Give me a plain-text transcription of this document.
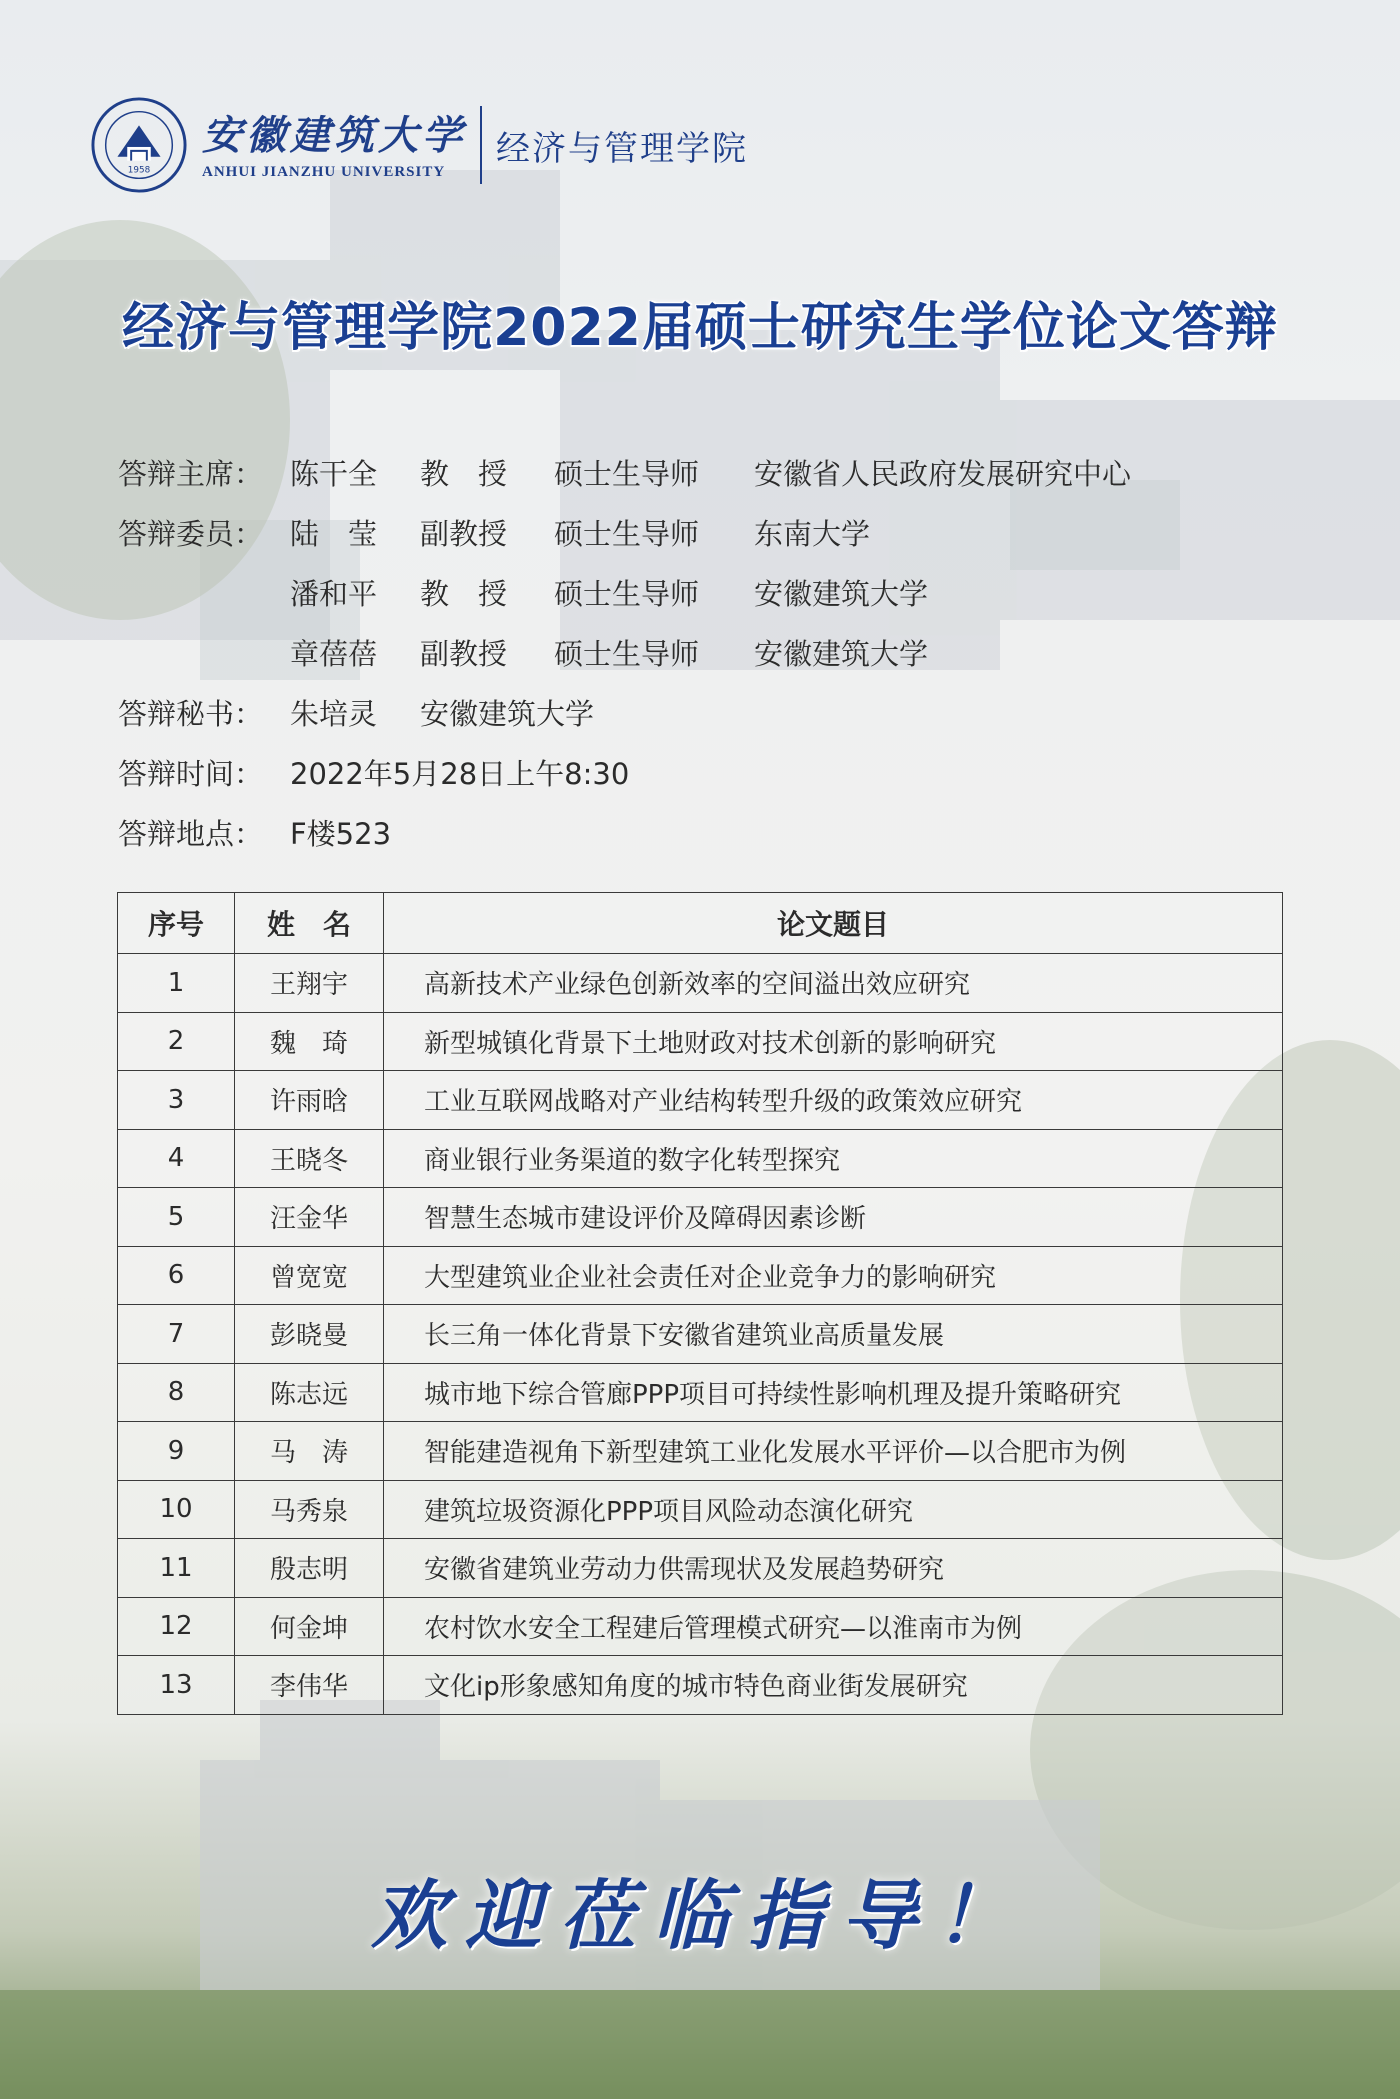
1958
安徽建筑大学
ANHUI JIANZHU UNIVERSITY
经济与管理学院
经济与管理学院2022届硕士研究生学位论文答辩
答辩主席： 陈干全	教　授	硕士生导师	安徽省人民政府发展研究中心
答辩委员： 陆　莹	副教授	硕士生导师	东南大学
潘和平	教　授	硕士生导师	安徽建筑大学
章蓓蓓	副教授	硕士生导师	安徽建筑大学
答辩秘书： 朱培灵	安徽建筑大学
答辩时间： 2022年5月28日上午8:30
答辩地点： F楼523
序号	姓　名	论文题目
1	王翔宇	高新技术产业绿色创新效率的空间溢出效应研究
2	魏　琦	新型城镇化背景下土地财政对技术创新的影响研究
3	许雨晗	工业互联网战略对产业结构转型升级的政策效应研究
4	王晓冬	商业银行业务渠道的数字化转型探究
5	汪金华	智慧生态城市建设评价及障碍因素诊断
6	曾宽宽	大型建筑业企业社会责任对企业竞争力的影响研究
7	彭晓曼	长三角一体化背景下安徽省建筑业高质量发展
8	陈志远	城市地下综合管廊PPP项目可持续性影响机理及提升策略研究
9	马　涛	智能建造视角下新型建筑工业化发展水平评价—以合肥市为例
10	马秀泉	建筑垃圾资源化PPP项目风险动态演化研究
11	殷志明	安徽省建筑业劳动力供需现状及发展趋势研究
12	何金坤	农村饮水安全工程建后管理模式研究—以淮南市为例
13	李伟华	文化ip形象感知角度的城市特色商业街发展研究
欢迎莅临指导！
